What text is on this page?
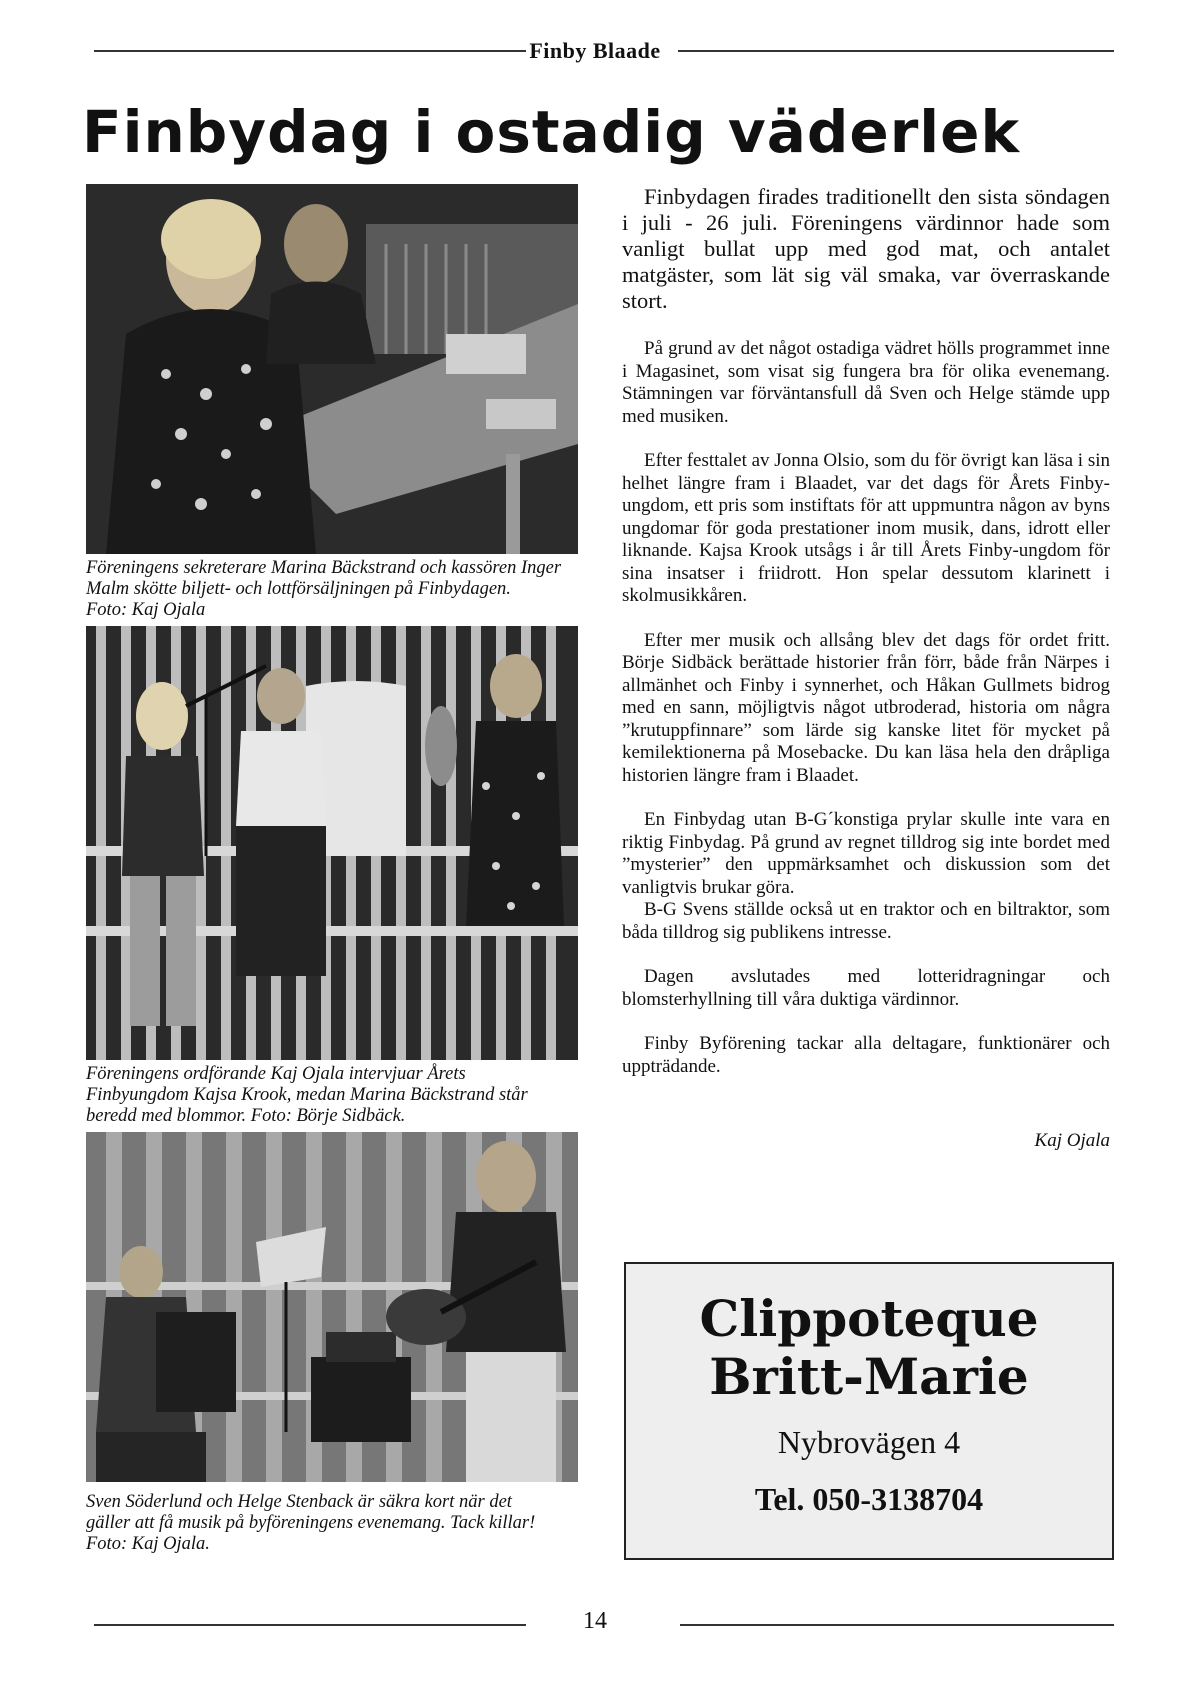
Finby Blaade
Finbydag i ostadig väderlek
Föreningens sekreterare Marina Bäckstrand och kassören Inger
Malm skötte biljett- och lottförsäljningen på Finbydagen.
Foto: Kaj Ojala
Föreningens ordförande Kaj Ojala intervjuar Årets
Finbyungdom Kajsa Krook, medan Marina Bäckstrand står
beredd med blommor. Foto: Börje Sidbäck.
Sven Söderlund och Helge Stenback är säkra kort när det
gäller att få musik på byföreningens evenemang. Tack killar!
Foto: Kaj Ojala.

Finbydagen firades traditionellt den sista söndagen i juli - 26 juli. Föreningens värdinnor hade som vanligt bullat upp med god mat, och antalet matgäster, som lät sig väl smaka, var överraskande stort.

På grund av det något ostadiga vädret hölls programmet inne i Magasinet, som visat sig fungera bra för olika evenemang. Stämningen var förväntansfull då Sven och Helge stämde upp med musiken.

Efter festtalet av Jonna Olsio, som du för övrigt kan läsa i sin helhet längre fram i Blaadet, var det dags för Årets Finby-ungdom, ett pris som instiftats för att uppmuntra någon av byns ungdomar för goda prestationer inom musik, dans, idrott eller liknande. Kajsa Krook utsågs i år till Årets Finby-ungdom för sina insatser i friidrott. Hon spelar dessutom klarinett i skolmusikkåren.

Efter mer musik och allsång blev det dags för ordet fritt. Börje Sidbäck berättade historier från förr, både från Närpes i allmänhet och Finby i synnerhet, och Håkan Gullmets bidrog med en sann, möjligtvis något utbroderad, historia om några ”krutuppfinnare” som lärde sig kanske litet för mycket på kemilektionerna på Mosebacke. Du kan läsa hela den dråpliga historien längre fram i Blaadet.

En Finbydag utan B-G´konstiga prylar skulle inte vara en riktig Finbydag. På grund av regnet tilldrog sig inte bordet med ”mysterier” den uppmärksamhet och diskussion som det vanligtvis brukar göra.

B-G Svens ställde också ut en traktor och en biltraktor, som båda tilldrog sig publikens intresse.

Dagen avslutades med lotteridragningar och blomsterhyllning till våra duktiga värdinnor.

Finby Byförening tackar alla deltagare, funktionärer och uppträdande.

Kaj Ojala
Clippoteque
Britt-Marie
Nybrovägen 4
Tel. 050-3138704
14
